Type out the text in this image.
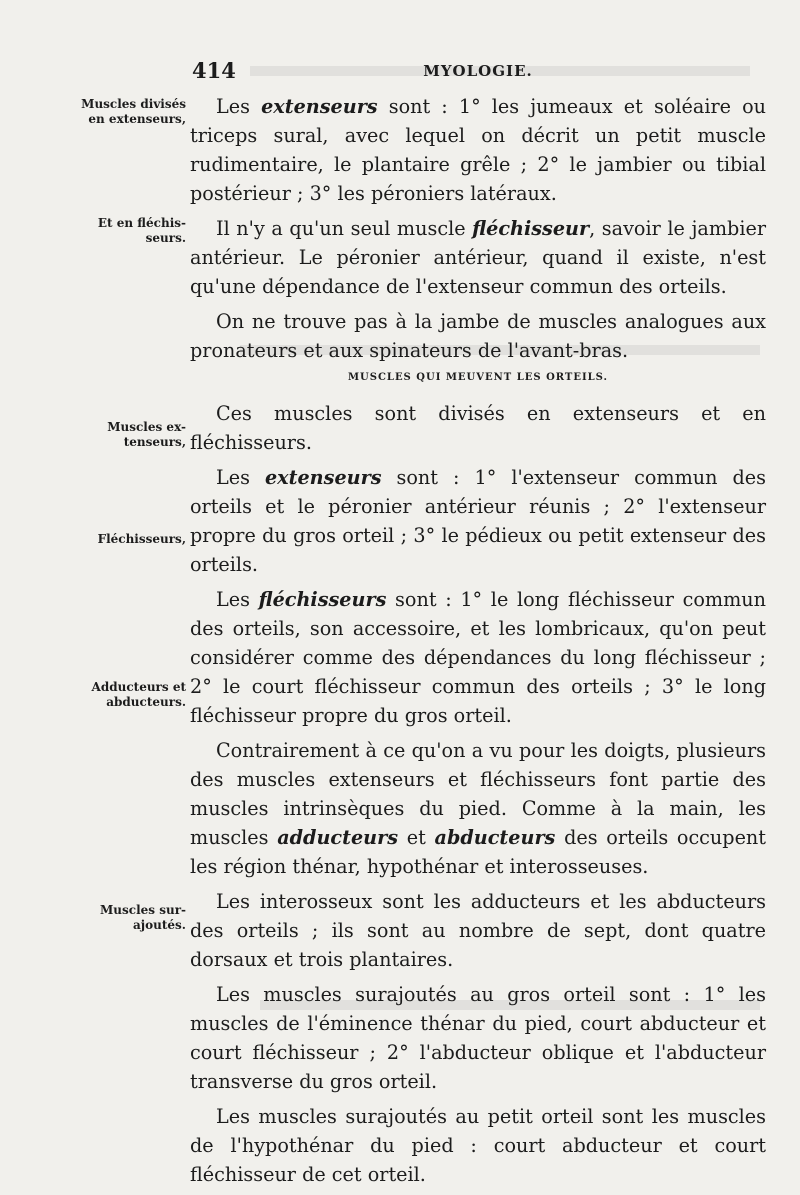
414	MYOLOGIE.
Muscles divisés en extenseurs,
Et en fléchis-seurs.
Muscles ex-tenseurs,
Fléchisseurs,
Adducteurs et abducteurs.
Muscles sur-ajoutés.

Les extenseurs sont : 1° les jumeaux et soléaire ou triceps sural, avec lequel on décrit un petit muscle rudimentaire, le plantaire grêle ; 2° le jambier ou tibial postérieur ; 3° les péroniers latéraux.

Il n'y a qu'un seul muscle fléchisseur, savoir le jambier antérieur. Le péronier antérieur, quand il existe, n'est qu'une dépendance de l'extenseur commun des orteils.

On ne trouve pas à la jambe de muscles analogues aux pronateurs et aux spinateurs de l'avant-bras.

MUSCLES QUI MEUVENT LES ORTEILS.

Ces muscles sont divisés en extenseurs et en fléchisseurs.

Les extenseurs sont : 1° l'extenseur commun des orteils et le péronier antérieur réunis ; 2° l'extenseur propre du gros orteil ; 3° le pédieux ou petit extenseur des orteils.

Les fléchisseurs sont : 1° le long fléchisseur commun des orteils, son accessoire, et les lombricaux, qu'on peut considérer comme des dépendances du long fléchisseur ; 2° le court fléchisseur commun des orteils ; 3° le long fléchisseur propre du gros orteil.

Contrairement à ce qu'on a vu pour les doigts, plusieurs des muscles extenseurs et fléchisseurs font partie des muscles intrinsèques du pied. Comme à la main, les muscles adducteurs et abducteurs des orteils occupent les région thénar, hypothénar et interosseuses.

Les interosseux sont les adducteurs et les abducteurs des orteils ; ils sont au nombre de sept, dont quatre dorsaux et trois plantaires.

Les muscles surajoutés au gros orteil sont : 1° les muscles de l'éminence thénar du pied, court abducteur et court fléchisseur ; 2° l'abducteur oblique et l'abducteur transverse du gros orteil.

Les muscles surajoutés au petit orteil sont les muscles de l'hypothénar du pied : court abducteur et court fléchisseur de cet orteil.
